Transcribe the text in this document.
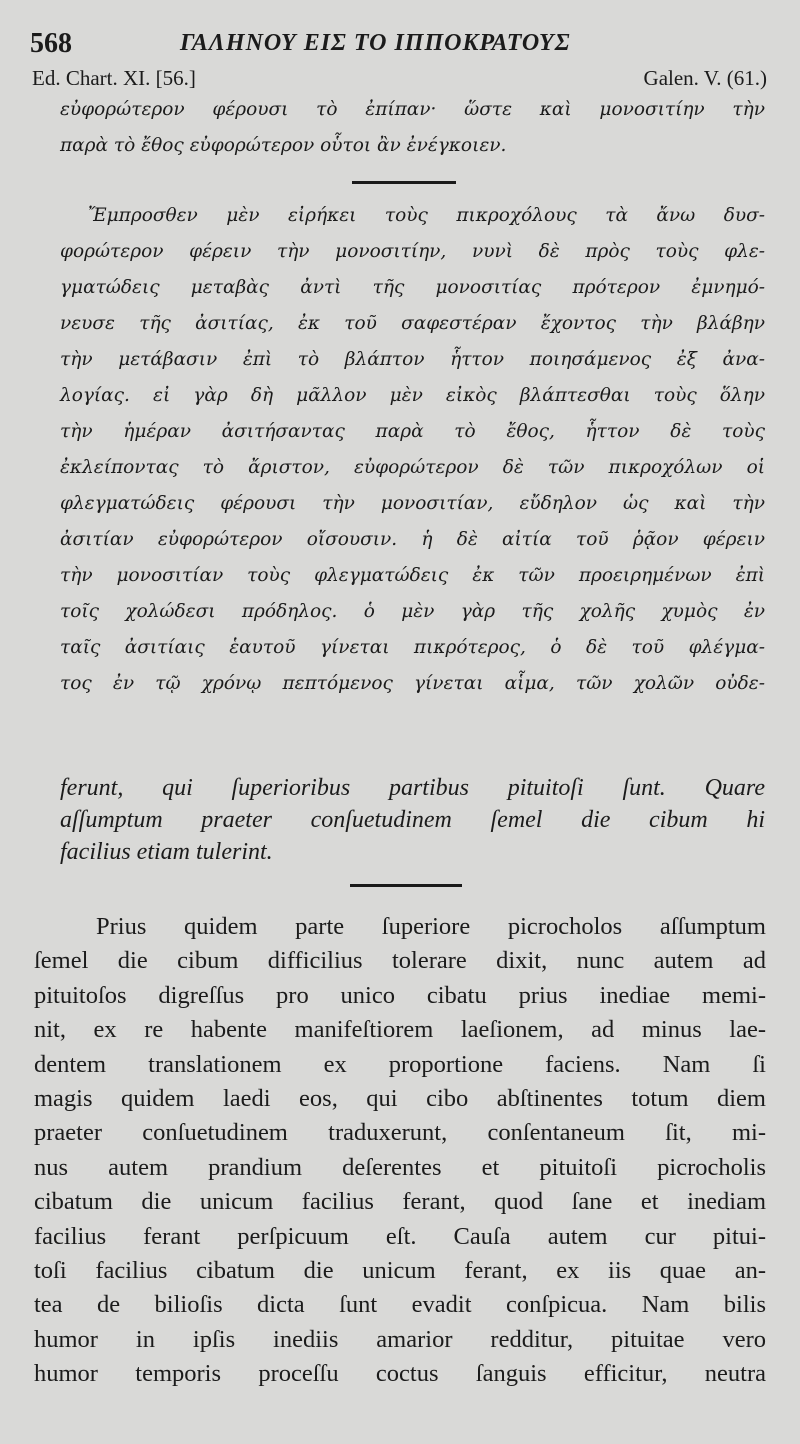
568	ΓΑΛΗΝΟΥ ΕΙΣ ΤΟ ΙΠΠΟΚΡΑΤΟΥΣ
Ed. Chart. XI. [56.]	Galen. V. (61.)
εὐφορώτερον φέρουσι τὸ ἐπίπαν· ὥστε καὶ μονοσιτίην τὴν
παρὰ τὸ ἔθος εὐφορώτερον οὗτοι ἂν ἐνέγκοιεν.
Ἔμπροσθεν μὲν εἰρήκει τοὺς πικροχόλους τὰ ἄνω δυσ-
φορώτερον φέρειν τὴν μονοσιτίην, νυνὶ δὲ πρὸς τοὺς φλε-
γματώδεις μεταβὰς ἀντὶ τῆς μονοσιτίας πρότερον ἐμνημό-
νευσε τῆς ἀσιτίας, ἐκ τοῦ σαφεστέραν ἔχοντος τὴν βλάβην
τὴν μετάβασιν ἐπὶ τὸ βλάπτον ἧττον ποιησάμενος ἐξ ἀνα-
λογίας. εἰ γὰρ δὴ μᾶλλον μὲν εἰκὸς βλάπτεσθαι τοὺς ὅλην
τὴν ἡμέραν ἀσιτήσαντας παρὰ τὸ ἔθος, ἧττον δὲ τοὺς
ἐκλείποντας τὸ ἄριστον, εὐφορώτερον δὲ τῶν πικροχόλων οἱ
φλεγματώδεις φέρουσι τὴν μονοσιτίαν, εὔδηλον ὡς καὶ τὴν
ἀσιτίαν εὐφορώτερον οἴσουσιν. ἡ δὲ αἰτία τοῦ ῥᾷον φέρειν
τὴν μονοσιτίαν τοὺς φλεγματώδεις ἐκ τῶν προειρημένων ἐπὶ
τοῖς χολώδεσι πρόδηλος. ὁ μὲν γὰρ τῆς χολῆς χυμὸς ἐν
ταῖς ἀσιτίαις ἑαυτοῦ γίνεται πικρότερος, ὁ δὲ τοῦ φλέγμα-
τος ἐν τῷ χρόνῳ πεπτόμενος γίνεται αἷμα, τῶν χολῶν οὐδε-
ferunt, qui ſuperioribus partibus pituitoſi ſunt. Quare
aſſumptum praeter conſuetudinem ſemel die cibum hi
facilius etiam tulerint.
Prius quidem parte ſuperiore picrocholos aſſumptum
ſemel die cibum difficilius tolerare dixit, nunc autem ad
pituitoſos digreſſus pro unico cibatu prius inediae memi-
nit, ex re habente manifeſtiorem laeſionem, ad minus lae-
dentem translationem ex proportione faciens. Nam ſi
magis quidem laedi eos, qui cibo abſtinentes totum diem
praeter conſuetudinem traduxerunt, conſentaneum ſit, mi-
nus autem prandium deſerentes et pituitoſi picrocholis
cibatum die unicum facilius ferant, quod ſane et inediam
facilius ferant perſpicuum eſt. Cauſa autem cur pitui-
toſi facilius cibatum die unicum ferant, ex iis quae an-
tea de bilioſis dicta ſunt evadit conſpicua. Nam bilis
humor in ipſis inediis amarior redditur, pituitae vero
humor temporis proceſſu coctus ſanguis efficitur, neutra
